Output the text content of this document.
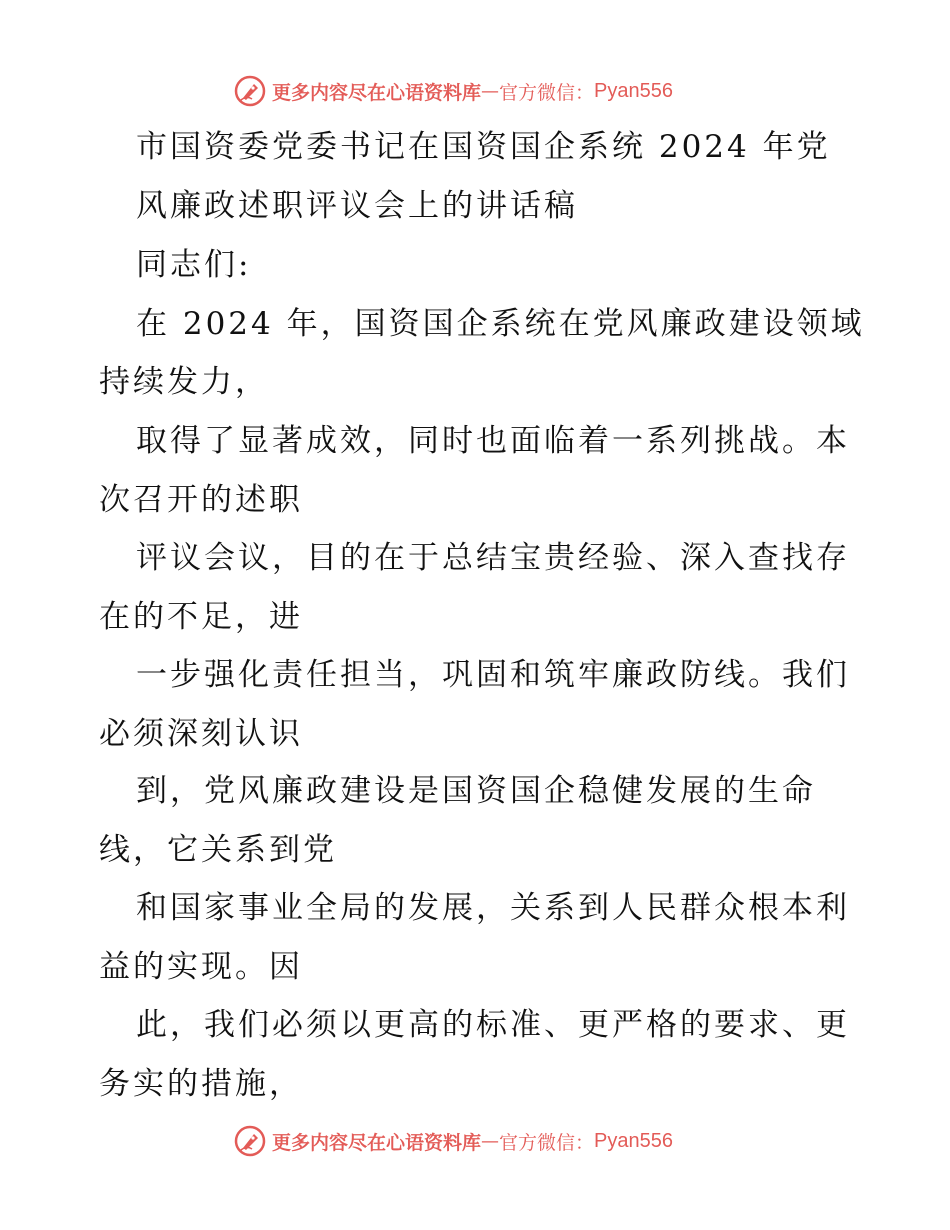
更多内容尽在心语资料库 — 官方微信： Pyan556
市国资委党委书记在国资国企系统 2024 年党
风廉政述职评议会上的讲话稿
同志们:
在 2024 年，国资国企系统在党风廉政建设领域
持续发力，
取得了显著成效，同时也面临着一系列挑战。本
次召开的述职
评议会议，目的在于总结宝贵经验、深入查找存
在的不足，进
一步强化责任担当，巩固和筑牢廉政防线。我们
必须深刻认识
到，党风廉政建设是国资国企稳健发展的生命
线，它关系到党
和国家事业全局的发展，关系到人民群众根本利
益的实现。因
此，我们必须以更高的标准、更严格的要求、更
务实的措施，
更多内容尽在心语资料库 — 官方微信： Pyan556
